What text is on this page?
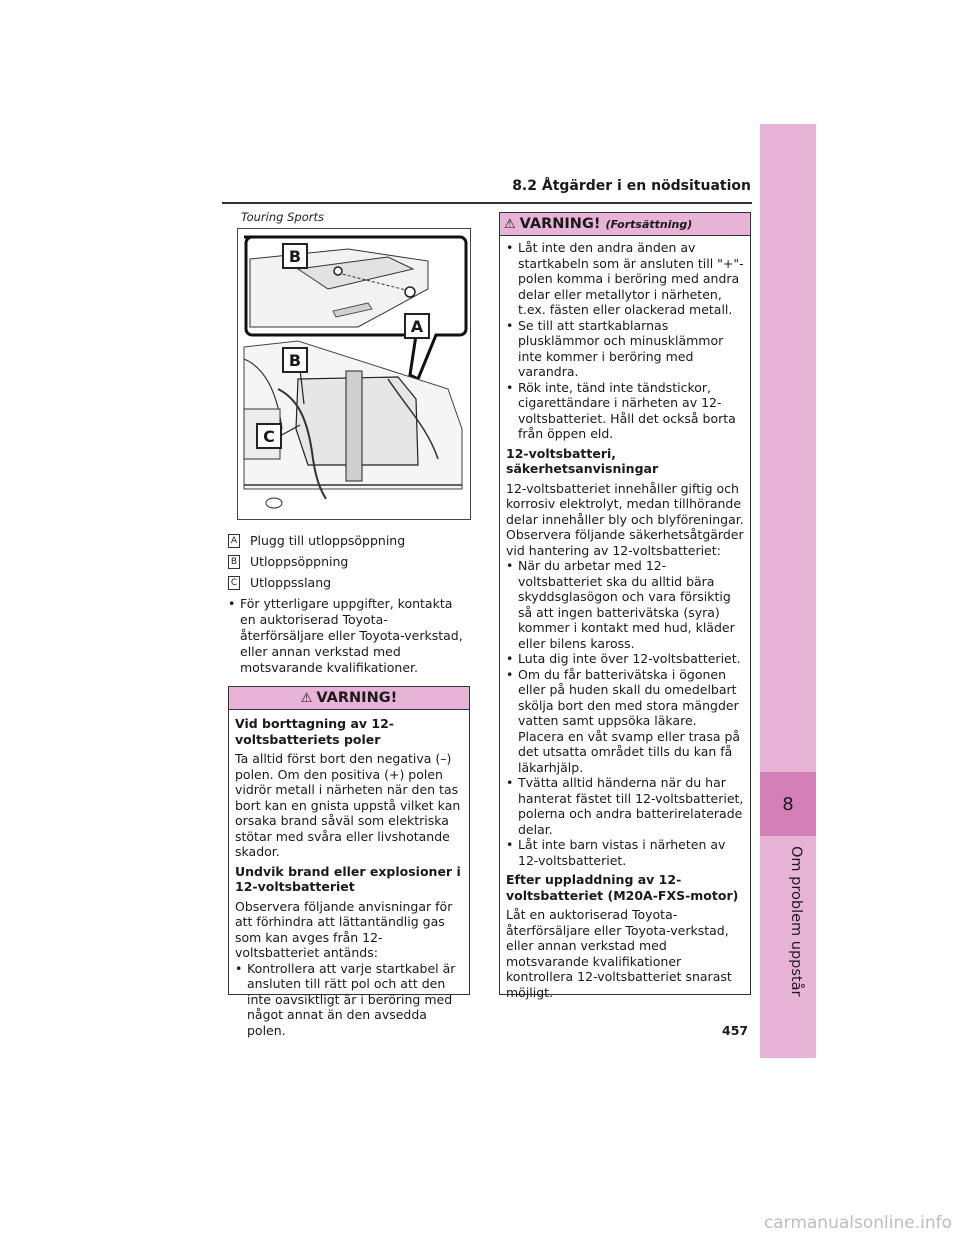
8
Om problem uppstår
8.2 Åtgärder i en nödsituation
Touring Sports
B
A
B
C
A Plugg till utloppsöppning
B Utloppsöppning
C Utloppsslang
• För ytterligare uppgifter, kontakta en auktoriserad Toyota-återförsäljare eller Toyota-verkstad, eller annan verkstad med motsvarande kvalifikationer.
⚠ VARNING!

Vid borttagning av 12-voltsbatteriets poler

Ta alltid först bort den negativa (–) polen. Om den positiva (+) polen vidrör metall i närheten när den tas bort kan en gnista uppstå vilket kan orsaka brand såväl som elektriska stötar med svåra eller livshotande skador.

Undvik brand eller explosioner i 12-voltsbatteriet

Observera följande anvisningar för att förhindra att lättantändlig gas som kan avges från 12-voltsbatteriet antänds:

• Kontrollera att varje startkabel är ansluten till rätt pol och att den inte oavsiktligt är i beröring med något annat än den avsedda polen.
⚠ VARNING! (Fortsättning)
• Låt inte den andra änden av startkabeln som är ansluten till "+"-polen komma i beröring med andra delar eller metallytor i närheten, t.ex. fästen eller olackerad metall.
• Se till att startkablarnas plusklämmor och minusklämmor inte kommer i beröring med varandra.
• Rök inte, tänd inte tändstickor, cigarettändare i närheten av 12-voltsbatteriet. Håll det också borta från öppen eld.

12-voltsbatteri, säkerhetsanvisningar

12-voltsbatteriet innehåller giftig och korrosiv elektrolyt, medan tillhörande delar innehåller bly och blyföreningar. Observera följande säkerhetsåtgärder vid hantering av 12-voltsbatteriet:

• När du arbetar med 12-voltsbatteriet ska du alltid bära skyddsglasögon och vara försiktig så att ingen batterivätska (syra) kommer i kontakt med hud, kläder eller bilens kaross.
• Luta dig inte över 12-voltsbatteriet.
• Om du får batterivätska i ögonen eller på huden skall du omedelbart skölja bort den med stora mängder vatten samt uppsöka läkare. Placera en våt svamp eller trasa på det utsatta området tills du kan få läkarhjälp.
• Tvätta alltid händerna när du har hanterat fästet till 12-voltsbatteriet, polerna och andra batterirelaterade delar.
• Låt inte barn vistas i närheten av 12-voltsbatteriet.

Efter uppladdning av 12-voltsbatteriet (M20A-FXS-motor)

Låt en auktoriserad Toyota-återförsäljare eller Toyota-verkstad, eller annan verkstad med motsvarande kvalifikationer kontrollera 12-voltsbatteriet snarast möjligt.

457
carmanualsonline.info
